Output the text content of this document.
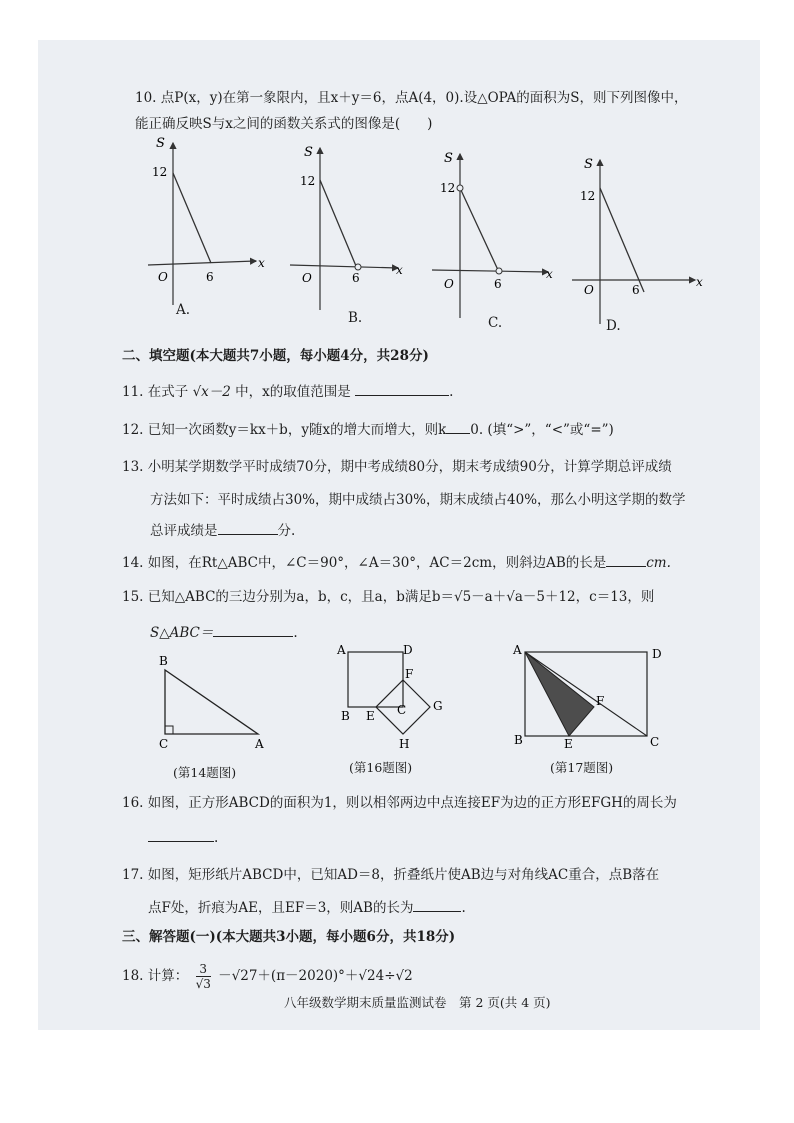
10. 点P(x，y)在第一象限内，且x＋y＝6，点A(4，0).设△OPA的面积为S，则下列图像中，
能正确反映S与x之间的函数关系式的图像是(　　)
S
12
x
O	6
A.
S
12
x
O	6
B.
S
12
x
O	6
C.
S
12
x
O	6
D.
二、填空题(本大题共7小题，每小题4分，共28分)
11. 在式子 √x－2 中，x的取值范围是	.
12. 已知一次函数y＝kx＋b，y随x的增大而增大，则k 0. (填“>”，“<”或“=”)
13. 小明某学期数学平时成绩70分，期中考成绩80分，期末考成绩90分，计算学期总评成绩
方法如下：平时成绩占30%，期中成绩占30%，期末成绩占40%，那么小明这学期的数学
总评成绩是	分.
14. 如图，在Rt△ABC中，∠C＝90°，∠A＝30°，AC＝2cm，则斜边AB的长是	cm.
15. 已知△ABC的三边分别为a，b，c，且a，b满足b＝√5－a＋√a－5＋12，c＝13，则
S△ABC＝	.
B
C	A
(第14题图)
A	D
B E C
F
G
H
(第16题图)
A	D
F
B	E	C
(第17题图)
16. 如图，正方形ABCD的面积为1，则以相邻两边中点连接EF为边的正方形EFGH的周长为
.
17. 如图，矩形纸片ABCD中，已知AD＝8，折叠纸片使AB边与对角线AC重合，点B落在
点F处，折痕为AE，且EF＝3，则AB的长为	.
三、解答题(一)(本大题共3小题，每小题6分，共18分)
18. 计算： $\frac{3}{√3} -√27+(\pi-2020)^\circ+√24\div√2$
八年级数学期末质量监测试卷　第 2 页(共 4 页)
